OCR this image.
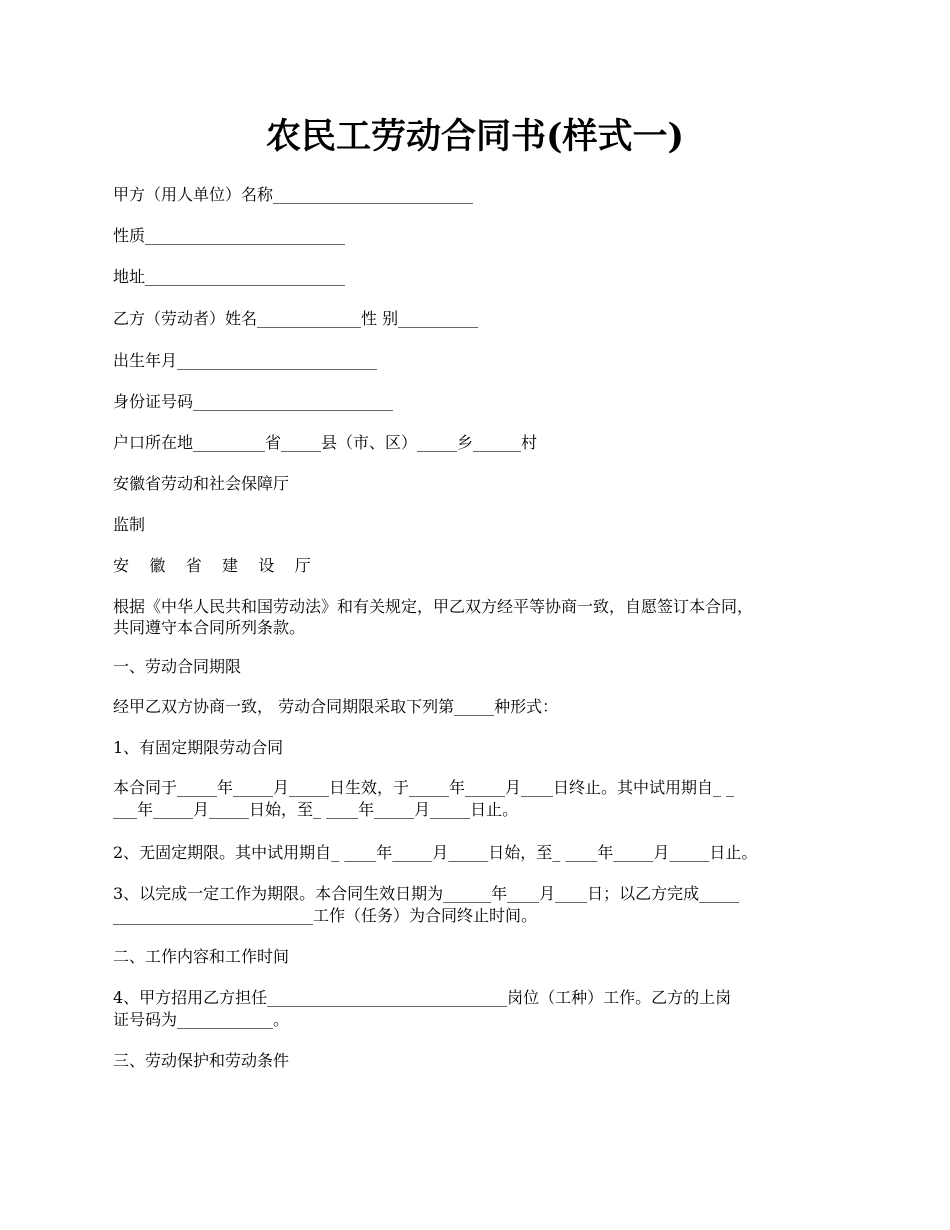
农民工劳动合同书(样式一)
甲方（用人单位）名称_________________________
性质_________________________
地址_________________________
乙方（劳动者）姓名_____________性 别__________
出生年月_________________________
身份证号码_________________________
户口所在地_________省_____县（市、区）_____乡______村
安徽省劳动和社会保障厅
监制
安    徽    省    建    设    厅
根据《中华人民共和国劳动法》和有关规定，甲乙双方经平等协商一致，自愿签订本合同，
共同遵守本合同所列条款。
一、劳动合同期限
经甲乙双方协商一致， 劳动合同期限采取下列第_____种形式：
1、有固定期限劳动合同
本合同于_____年_____月_____日生效，于_____年_____月____日终止。其中试用期自_ _
___年_____月_____日始，至_ ____年_____月_____日止。
2、无固定期限。其中试用期自_ ____年_____月_____日始，至_ ____年_____月_____日止。
3、以完成一定工作为期限。本合同生效日期为______年____月____日；以乙方完成_____
_________________________工作（任务）为合同终止时间。
二、工作内容和工作时间
4、甲方招用乙方担任______________________________岗位（工种）工作。乙方的上岗
证号码为____________。
三、劳动保护和劳动条件
